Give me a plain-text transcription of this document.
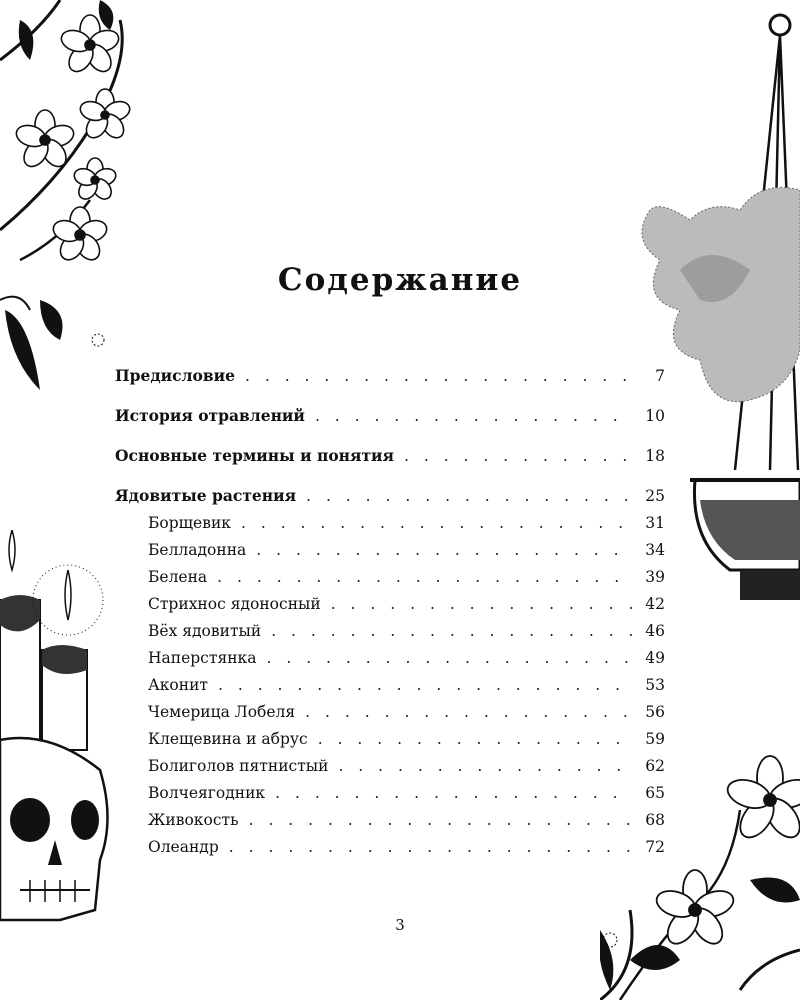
Содержание
Предисловие . . .	7
История отравлений . . .	10
Основные термины и понятия . . .	18
Ядовитые растения . . .	25
Борщевик . . .	31
Белладонна . . .	34
Белена . . .	39
Стрихнос ядоносный . . .	42
Вёх ядовитый . . .	46
Наперстянка . . .	49
Аконит . . .	53
Чемерица Лобеля . . .	56
Клещевина и абрус . . .	59
Болиголов пятнистый . . .	62
Волчеягодник . . .	65
Живокость . . .	68
Олеандр . . .	72
3
